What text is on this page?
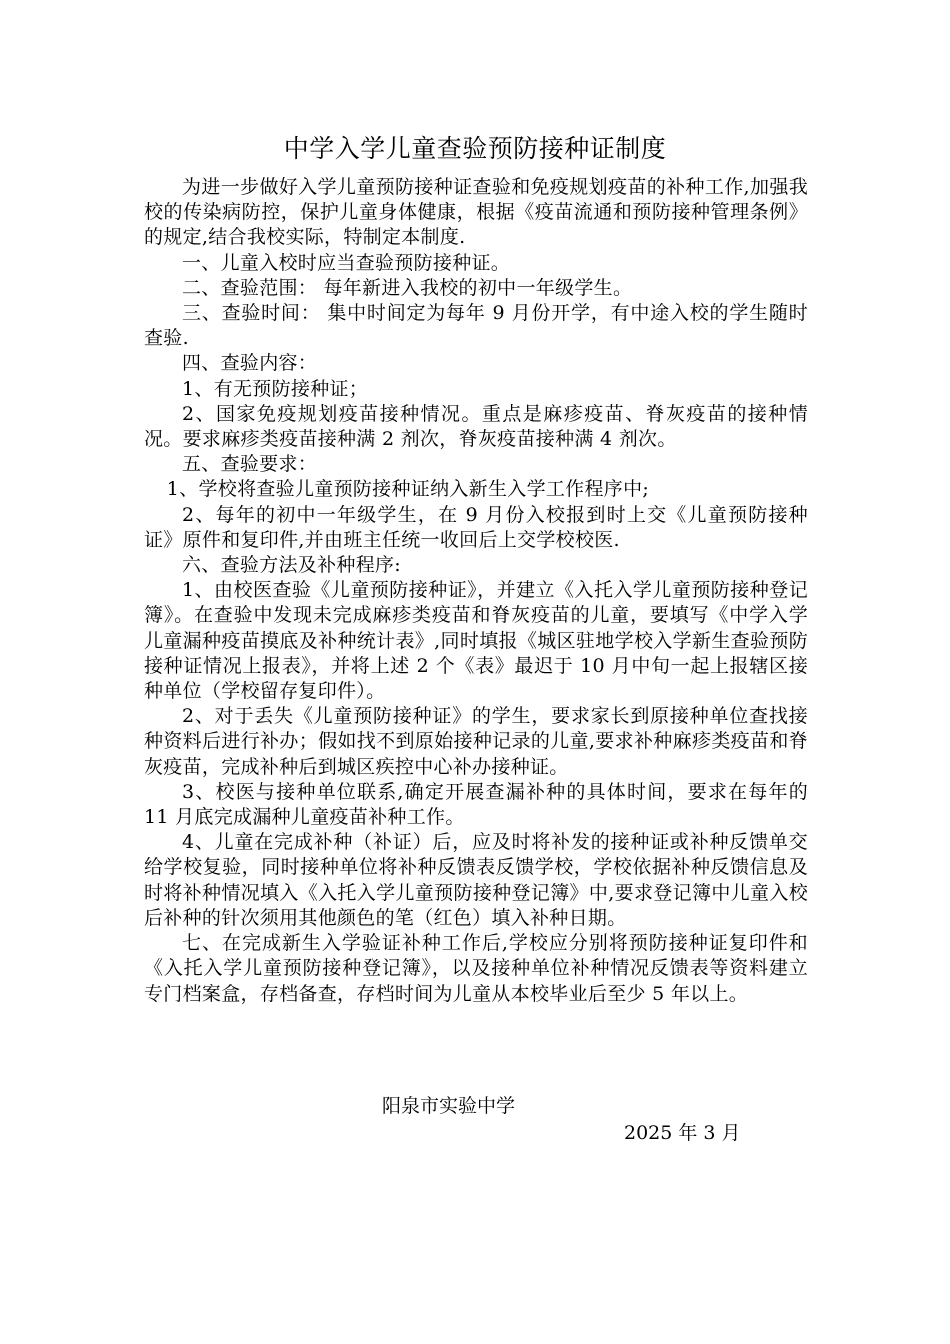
中学入学儿童查验预防接种证制度

为进一步做好入学儿童预防接种证查验和免疫规划疫苗的补种工作,加强我校的传染病防控，保护儿童身体健康，根据《疫苗流通和预防接种管理条例》的规定,结合我校实际，特制定本制度.

一、儿童入校时应当查验预防接种证。

二、查验范围： 每年新进入我校的初中一年级学生。

三、查验时间： 集中时间定为每年 9 月份开学，有中途入校的学生随时查验.

四、查验内容：

1、有无预防接种证；

2、国家免疫规划疫苗接种情况。重点是麻疹疫苗、脊灰疫苗的接种情况。要求麻疹类疫苗接种满 2 剂次，脊灰疫苗接种满 4 剂次。

五、查验要求：

1、学校将查验儿童预防接种证纳入新生入学工作程序中;

2、每年的初中一年级学生，在 9 月份入校报到时上交《儿童预防接种证》原件和复印件,并由班主任统一收回后上交学校校医.

六、查验方法及补种程序:

1、由校医查验《儿童预防接种证》，并建立《入托入学儿童预防接种登记簿》。在查验中发现未完成麻疹类疫苗和脊灰疫苗的儿童，要填写《中学入学儿童漏种疫苗摸底及补种统计表》,同时填报《城区驻地学校入学新生查验预防接种证情况上报表》，并将上述 2 个《表》最迟于 10 月中旬一起上报辖区接种单位（学校留存复印件）。

2、对于丢失《儿童预防接种证》的学生，要求家长到原接种单位查找接种资料后进行补办；假如找不到原始接种记录的儿童,要求补种麻疹类疫苗和脊灰疫苗，完成补种后到城区疾控中心补办接种证。

3、校医与接种单位联系,确定开展查漏补种的具体时间，要求在每年的 11 月底完成漏种儿童疫苗补种工作。

4、儿童在完成补种（补证）后，应及时将补发的接种证或补种反馈单交给学校复验，同时接种单位将补种反馈表反馈学校，学校依据补种反馈信息及时将补种情况填入《入托入学儿童预防接种登记簿》中,要求登记簿中儿童入校后补种的针次须用其他颜色的笔（红色）填入补种日期。

七、在完成新生入学验证补种工作后,学校应分别将预防接种证复印件和《入托入学儿童预防接种登记簿》，以及接种单位补种情况反馈表等资料建立专门档案盒，存档备查，存档时间为儿童从本校毕业后至少 5 年以上。

阳泉市实验中学
2025 年 3 月
